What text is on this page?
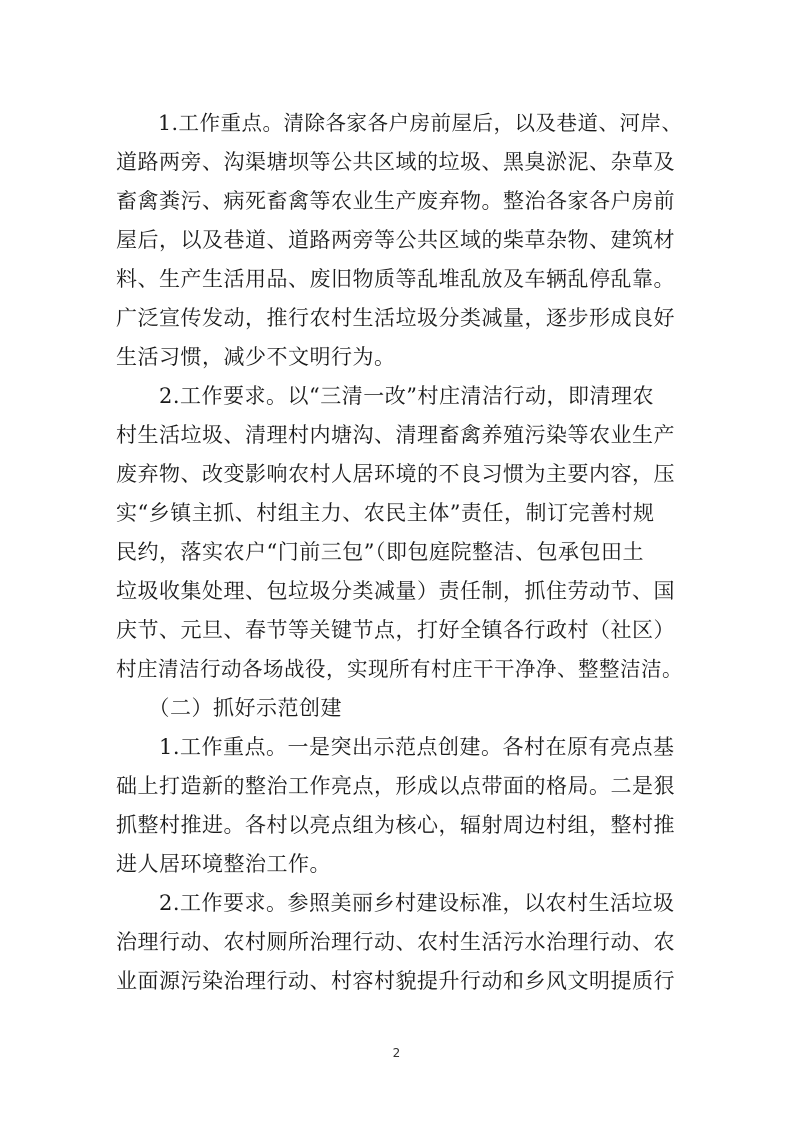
　　1.工作重点。清除各家各户房前屋后，以及巷道、河岸、
道路两旁、沟渠塘坝等公共区域的垃圾、黑臭淤泥、杂草及
畜禽粪污、病死畜禽等农业生产废弃物。整治各家各户房前
屋后，以及巷道、道路两旁等公共区域的柴草杂物、建筑材
料、生产生活用品、废旧物质等乱堆乱放及车辆乱停乱靠。
广泛宣传发动，推行农村生活垃圾分类减量，逐步形成良好
生活习惯，减少不文明行为。
　　2.工作要求。以“三清一改”村庄清洁行动，即清理农
村生活垃圾、清理村内塘沟、清理畜禽养殖污染等农业生产
废弃物、改变影响农村人居环境的不良习惯为主要内容，压
实“乡镇主抓、村组主力、农民主体”责任，制订完善村规
民约，落实农户“门前三包”（即包庭院整洁、包承包田土
垃圾收集处理、包垃圾分类减量）责任制，抓住劳动节、国
庆节、元旦、春节等关键节点，打好全镇各行政村（社区）
村庄清洁行动各场战役，实现所有村庄干干净净、整整洁洁。
　　（二）抓好示范创建
　　1.工作重点。一是突出示范点创建。各村在原有亮点基
础上打造新的整治工作亮点，形成以点带面的格局。二是狠
抓整村推进。各村以亮点组为核心，辐射周边村组，整村推
进人居环境整治工作。
　　2.工作要求。参照美丽乡村建设标准，以农村生活垃圾
治理行动、农村厕所治理行动、农村生活污水治理行动、农
业面源污染治理行动、村容村貌提升行动和乡风文明提质行
2
